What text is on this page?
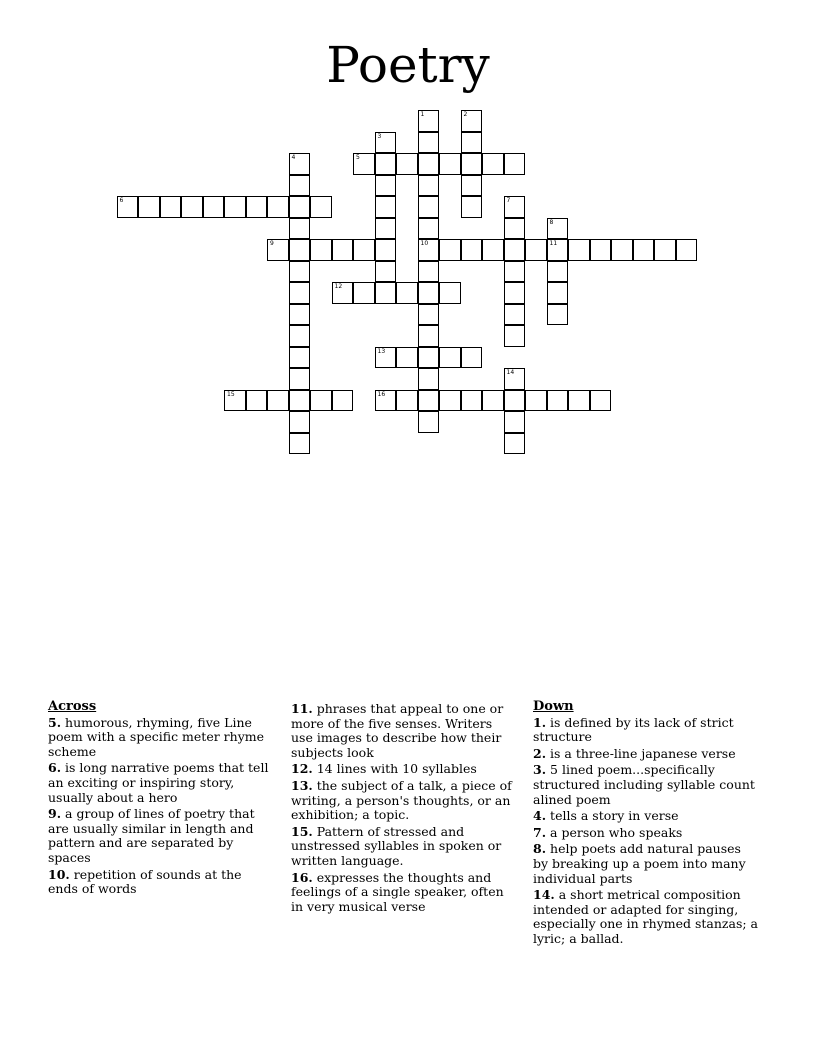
Poetry
1
10
2
3
4	5
6	7
8
11
9
12
13
14
15	16
Across
5. humorous, rhyming, five Line poem with a specific meter rhyme scheme
6. is long narrative poems that tell an exciting or inspiring story, usually about a hero
9. a group of lines of poetry that are usually similar in length and pattern and are separated by spaces
10. repetition of sounds at the ends of words
11. phrases that appeal to one or more of the five senses. Writers use images to describe how their subjects look
12. 14 lines with 10 syllables
13. the subject of a talk, a piece of writing, a person's thoughts, or an exhibition; a topic.
15. Pattern of stressed and unstressed syllables in spoken or written language.
16. expresses the thoughts and feelings of a single speaker, often in very musical verse
Down
1. is defined by its lack of strict structure
2. is a three-line japanese verse
3. 5 lined poem...specifically structured including syllable count alined poem
4. tells a story in verse
7. a person who speaks
8. help poets add natural pauses by breaking up a poem into many individual parts
14. a short metrical composition intended or adapted for singing, especially one in rhymed stanzas; a lyric; a ballad.
